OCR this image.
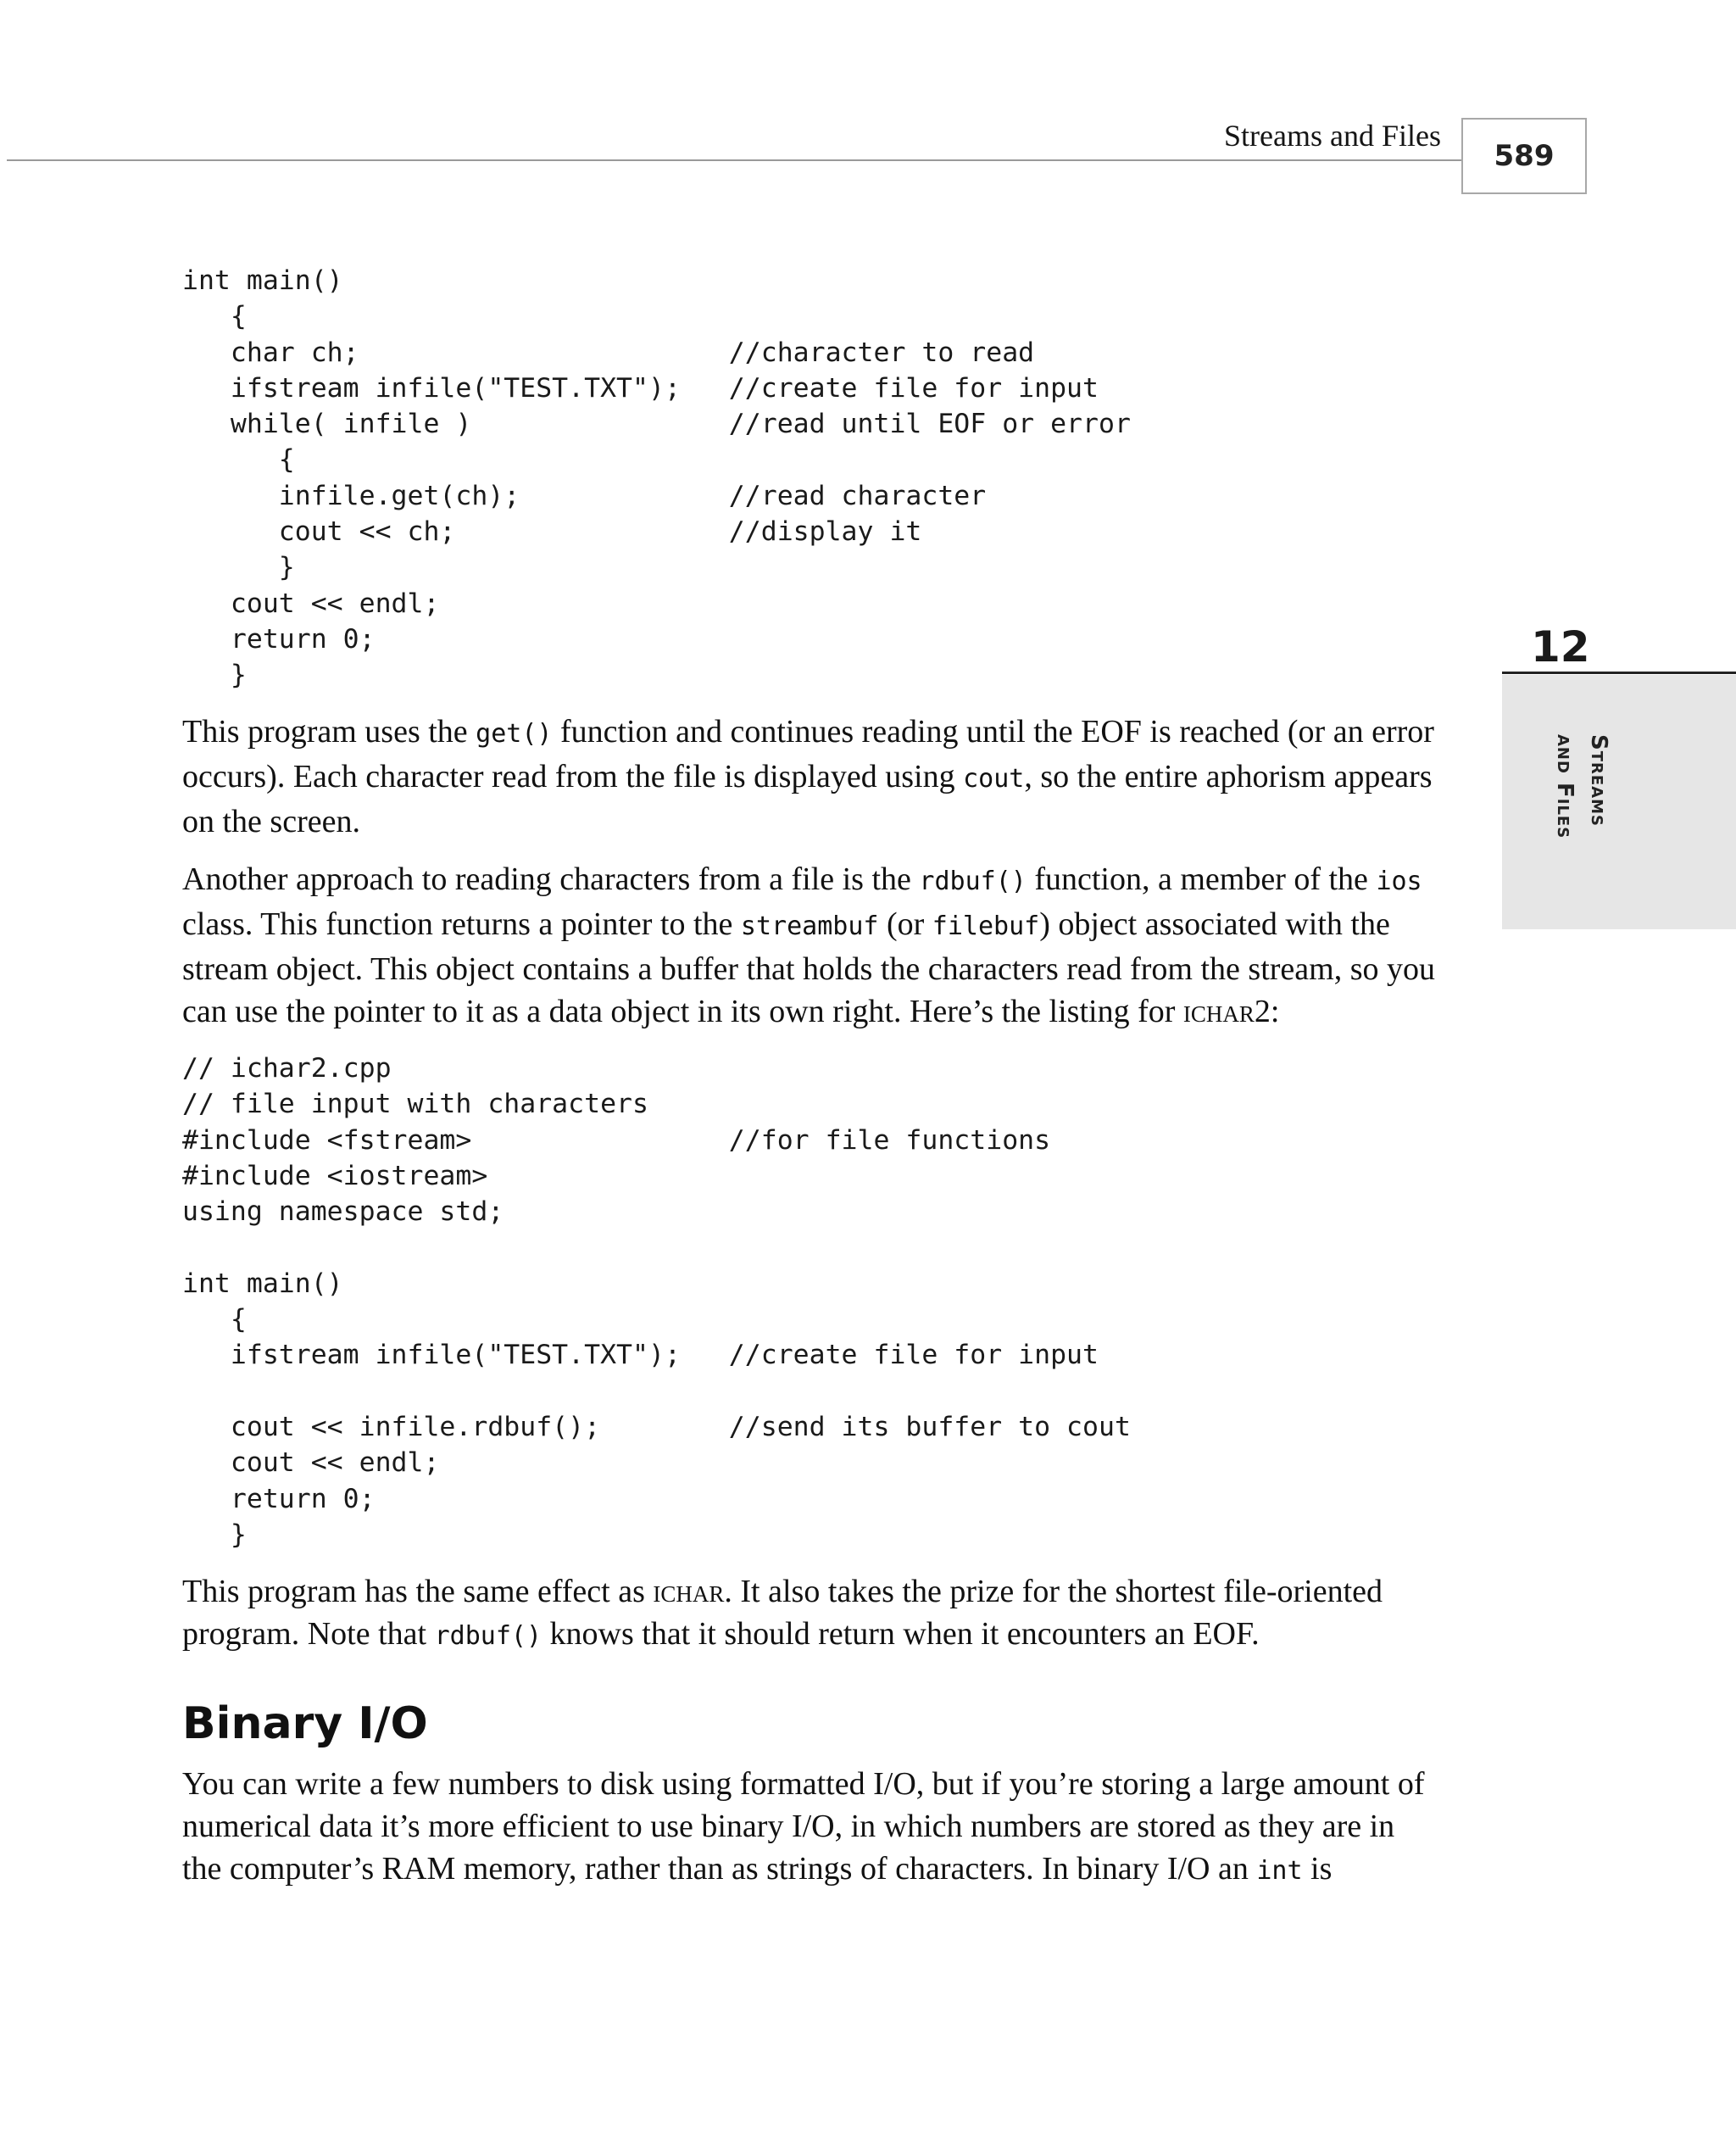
Streams and Files
589
12
Streams
and Files
int main()
{
char ch;                       //character to read
ifstream infile("TEST.TXT");   //create file for input
while( infile )                //read until EOF or error
{
infile.get(ch);             //read character
cout << ch;                 //display it
}
cout << endl;
return 0;
}

This program uses the get() function and continues reading until the EOF is reached (or an error occurs). Each character read from the file is displayed using cout, so the entire aphorism appears on the screen.

Another approach to reading characters from a file is the rdbuf() function, a member of the ios class. This function returns a pointer to the streambuf (or filebuf) object associated with the stream object. This object contains a buffer that holds the characters read from the stream, so you can use the pointer to it as a data object in its own right. Here’s the listing for ichar2:

// ichar2.cpp
// file input with characters
#include <fstream>                //for file functions
#include <iostream>
using namespace std;

int main()
{
ifstream infile("TEST.TXT");   //create file for input

cout << infile.rdbuf();        //send its buffer to cout
cout << endl;
return 0;
}

This program has the same effect as ichar. It also takes the prize for the shortest file-oriented program. Note that rdbuf() knows that it should return when it encounters an EOF.

Binary I/O

You can write a few numbers to disk using formatted I/O, but if you’re storing a large amount of numerical data it’s more efficient to use binary I/O, in which numbers are stored as they are in the computer’s RAM memory, rather than as strings of characters. In binary I/O an int is
